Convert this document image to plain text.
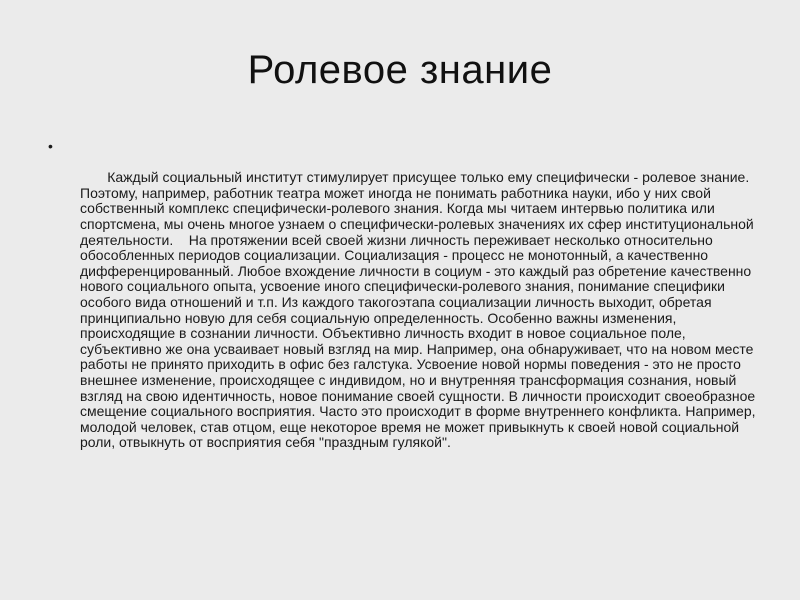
Ролевое знание

•

Каждый социальный институт стимулирует присущее только ему специфически - ролевое знание. Поэтому, например, работник театра может иногда не понимать работника науки, ибо у них свой собственный комплекс специфически-ролевого знания. Когда мы читаем интервью политика или спортсмена, мы очень многое узнаем о специфически-ролевых значениях их сфер институциональной деятельности.    На протяжении всей своей жизни личность переживает несколько относительно обособленных периодов социализации. Социализация - процесс не монотонный, а качественно дифференцированный. Любое вхождение личности в социум - это каждый раз обретение качественно нового социального опыта, усвоение иного специфически-ролевого знания, понимание специфики особого вида отношений и т.п. Из каждого такогоэтапа социализации личность выходит, обретая принципиально новую для себя социальную определенность. Особенно важны изменения, происходящие в сознании личности. Объективно личность входит в новое социальное поле, субъективно же она усваивает новый взгляд на мир. Например, она обнаруживает, что на новом месте работы не принято приходить в офис без галстука. Усвоение новой нормы поведения - это не просто внешнее изменение, происходящее с индивидом, но и внутренняя трансформация сознания, новый взгляд на свою идентичность, новое понимание своей сущности. В личности происходит своеобразное смещение социального восприятия. Часто это происходит в форме внутреннего конфликта. Например, молодой человек, став отцом, еще некоторое время не может привыкнуть к своей новой социальной роли, отвыкнуть от восприятия себя "праздным гулякой".
